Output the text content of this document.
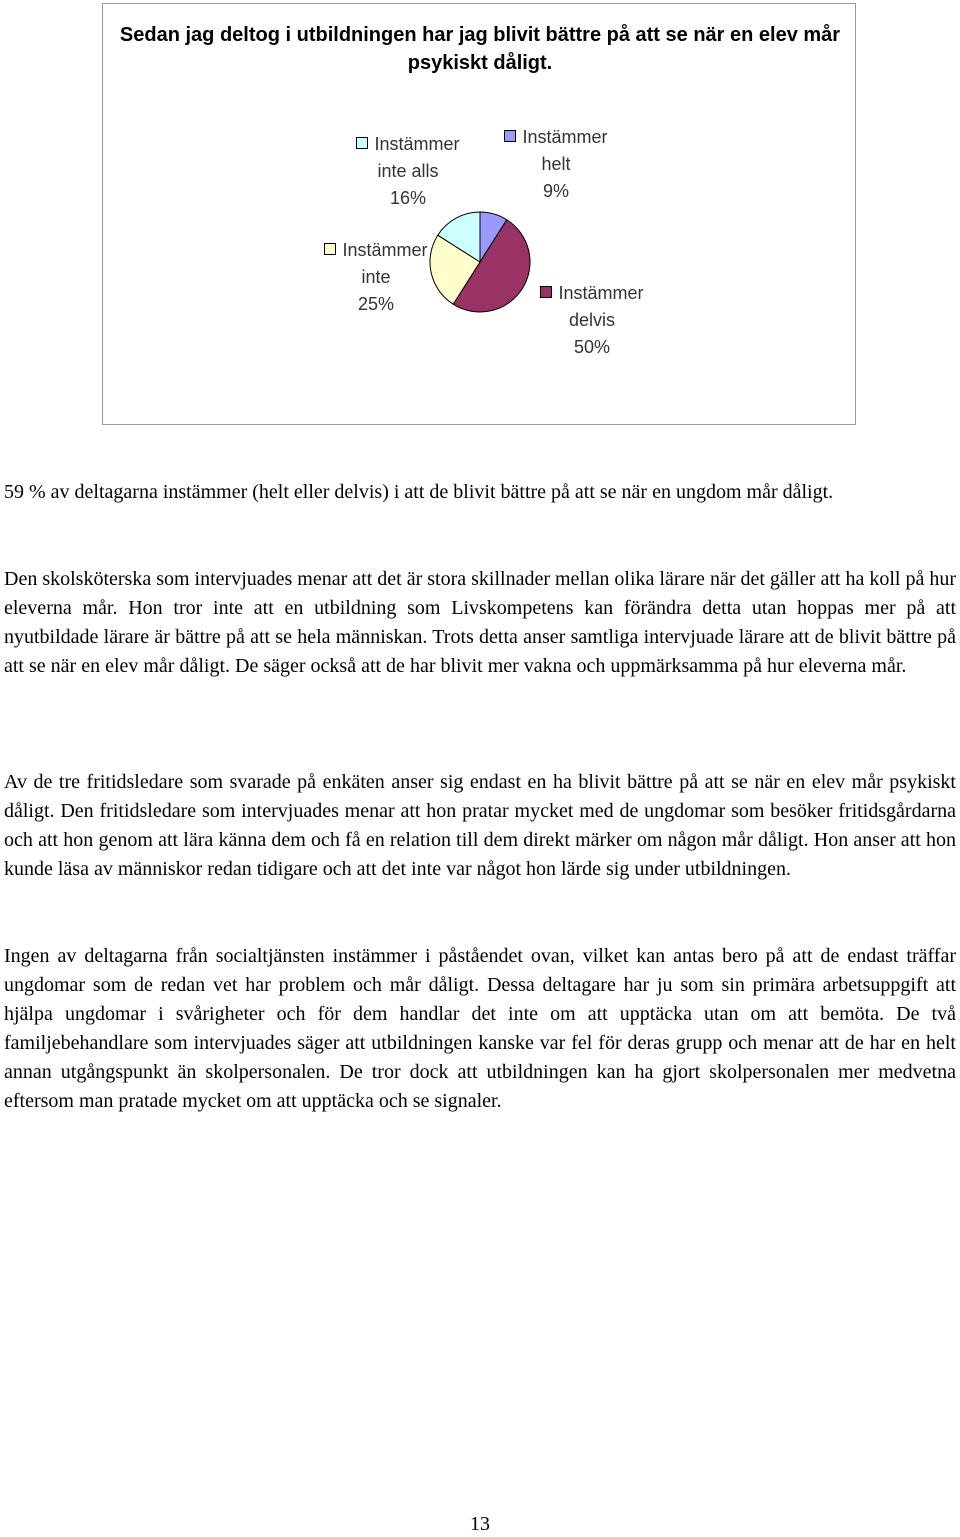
Sedan jag deltog i utbildningen har jag blivit bättre på att se när en elev mår psykiskt dåligt.
Instämmer
inte alls
16%
Instämmer
helt
9%
Instämmer
inte
25%
Instämmer
delvis
50%

59 % av deltagarna instämmer (helt eller delvis) i att de blivit bättre på att se när en ungdom mår dåligt.

Den skolsköterska som intervjuades menar att det är stora skillnader mellan olika lärare när det gäller att ha koll på hur eleverna mår. Hon tror inte att en utbildning som Livskompetens kan förändra detta utan hoppas mer på att nyutbildade lärare är bättre på att se hela människan. Trots detta anser samtliga intervjuade lärare att de blivit bättre på att se när en elev mår dåligt. De säger också att de har blivit mer vakna och uppmärksamma på hur eleverna mår.

Av de tre fritidsledare som svarade på enkäten anser sig endast en ha blivit bättre på att se när en elev mår psykiskt dåligt. Den fritidsledare som intervjuades menar att hon pratar mycket med de ungdomar som besöker fritidsgårdarna och att hon genom att lära känna dem och få en relation till dem direkt märker om någon mår dåligt. Hon anser att hon kunde läsa av människor redan tidigare och att det inte var något hon lärde sig under utbildningen.

Ingen av deltagarna från socialtjänsten instämmer i påståendet ovan, vilket kan antas bero på att de endast träffar ungdomar som de redan vet har problem och mår dåligt. Dessa deltagare har ju som sin primära arbetsuppgift att hjälpa ungdomar i svårigheter och för dem handlar det inte om att upptäcka utan om att bemöta. De två familjebehandlare som intervjuades säger att utbildningen kanske var fel för deras grupp och menar att de har en helt annan utgångspunkt än skolpersonalen. De tror dock att utbildningen kan ha gjort skolpersonalen mer medvetna eftersom man pratade mycket om att upptäcka och se signaler.

13
